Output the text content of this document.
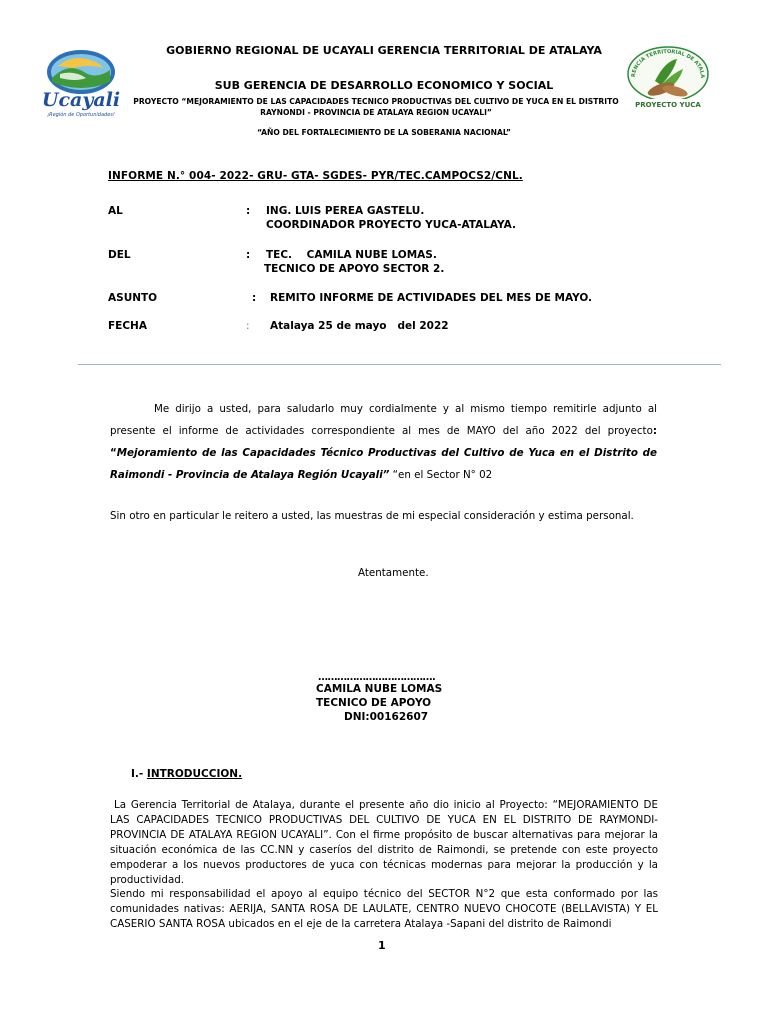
Ucayali
¡Región de Oportunidades!
RENCIA TERRITORIAL DE ATALA
PROYECTO YUCA
GOBIERNO REGIONAL DE UCAYALI GERENCIA TERRITORIAL DE ATALAYA
SUB GERENCIA DE DESARROLLO ECONOMICO Y SOCIAL
PROYECTO “MEJORAMIENTO DE LAS CAPACIDADES TECNICO PRODUCTIVAS DEL CULTIVO DE YUCA EN EL DISTRITO
RAYNONDI - PROVINCIA DE ATALAYA REGION UCAYALI”
“AÑO DEL FORTALECIMIENTO DE LA SOBERANIA NACIONAL”
INFORME N.° 004- 2022- GRU- GTA- SGDES- PYR/TEC.CAMPOCS2/CNL.
AL	: ING. LUIS PEREA GASTELU.
COORDINADOR PROYECTO YUCA-ATALAYA.
DEL	: TEC.    CAMILA NUBE LOMAS.
TECNICO DE APOYO SECTOR 2.
ASUNTO	: REMITO INFORME DE ACTIVIDADES DEL MES DE MAYO.
FECHA	: Atalaya 25 de mayo   del 2022
Me dirijo a usted, para saludarlo muy cordialmente y al mismo tiempo remitirle adjunto al presente el informe de actividades correspondiente al mes de MAYO del año 2022 del proyecto: “Mejoramiento de las Capacidades Técnico Productivas del Cultivo de Yuca en el Distrito de Raimondi - Provincia de Atalaya Región Ucayali” “en el Sector N° 02
Sin otro en particular le reitero a usted, las muestras de mi especial consideración y estima personal.
Atentamente.
……………………………….
CAMILA NUBE LOMAS
TECNICO DE APOYO
DNI:00162607
I.- INTRODUCCION.

La Gerencia Territorial de Atalaya, durante el presente año dio inicio al Proyecto: “MEJORAMIENTO DE LAS CAPACIDADES TECNICO PRODUCTIVAS DEL CULTIVO DE YUCA EN EL DISTRITO DE RAYMONDI-PROVINCIA DE ATALAYA REGION UCAYALI”. Con el firme propósito de buscar alternativas para mejorar la situación económica de las CC.NN y caseríos del distrito de Raimondi, se pretende con este proyecto empoderar a los nuevos productores de yuca con técnicas modernas para mejorar la producción y la productividad.

Siendo mi responsabilidad el apoyo al equipo técnico del SECTOR N°2 que esta conformado por las comunidades nativas: AERIJA, SANTA ROSA DE LAULATE, CENTRO NUEVO CHOCOTE (BELLAVISTA) Y EL CASERIO SANTA ROSA ubicados en el eje de la carretera Atalaya -Sapani del distrito de Raimondi

1
